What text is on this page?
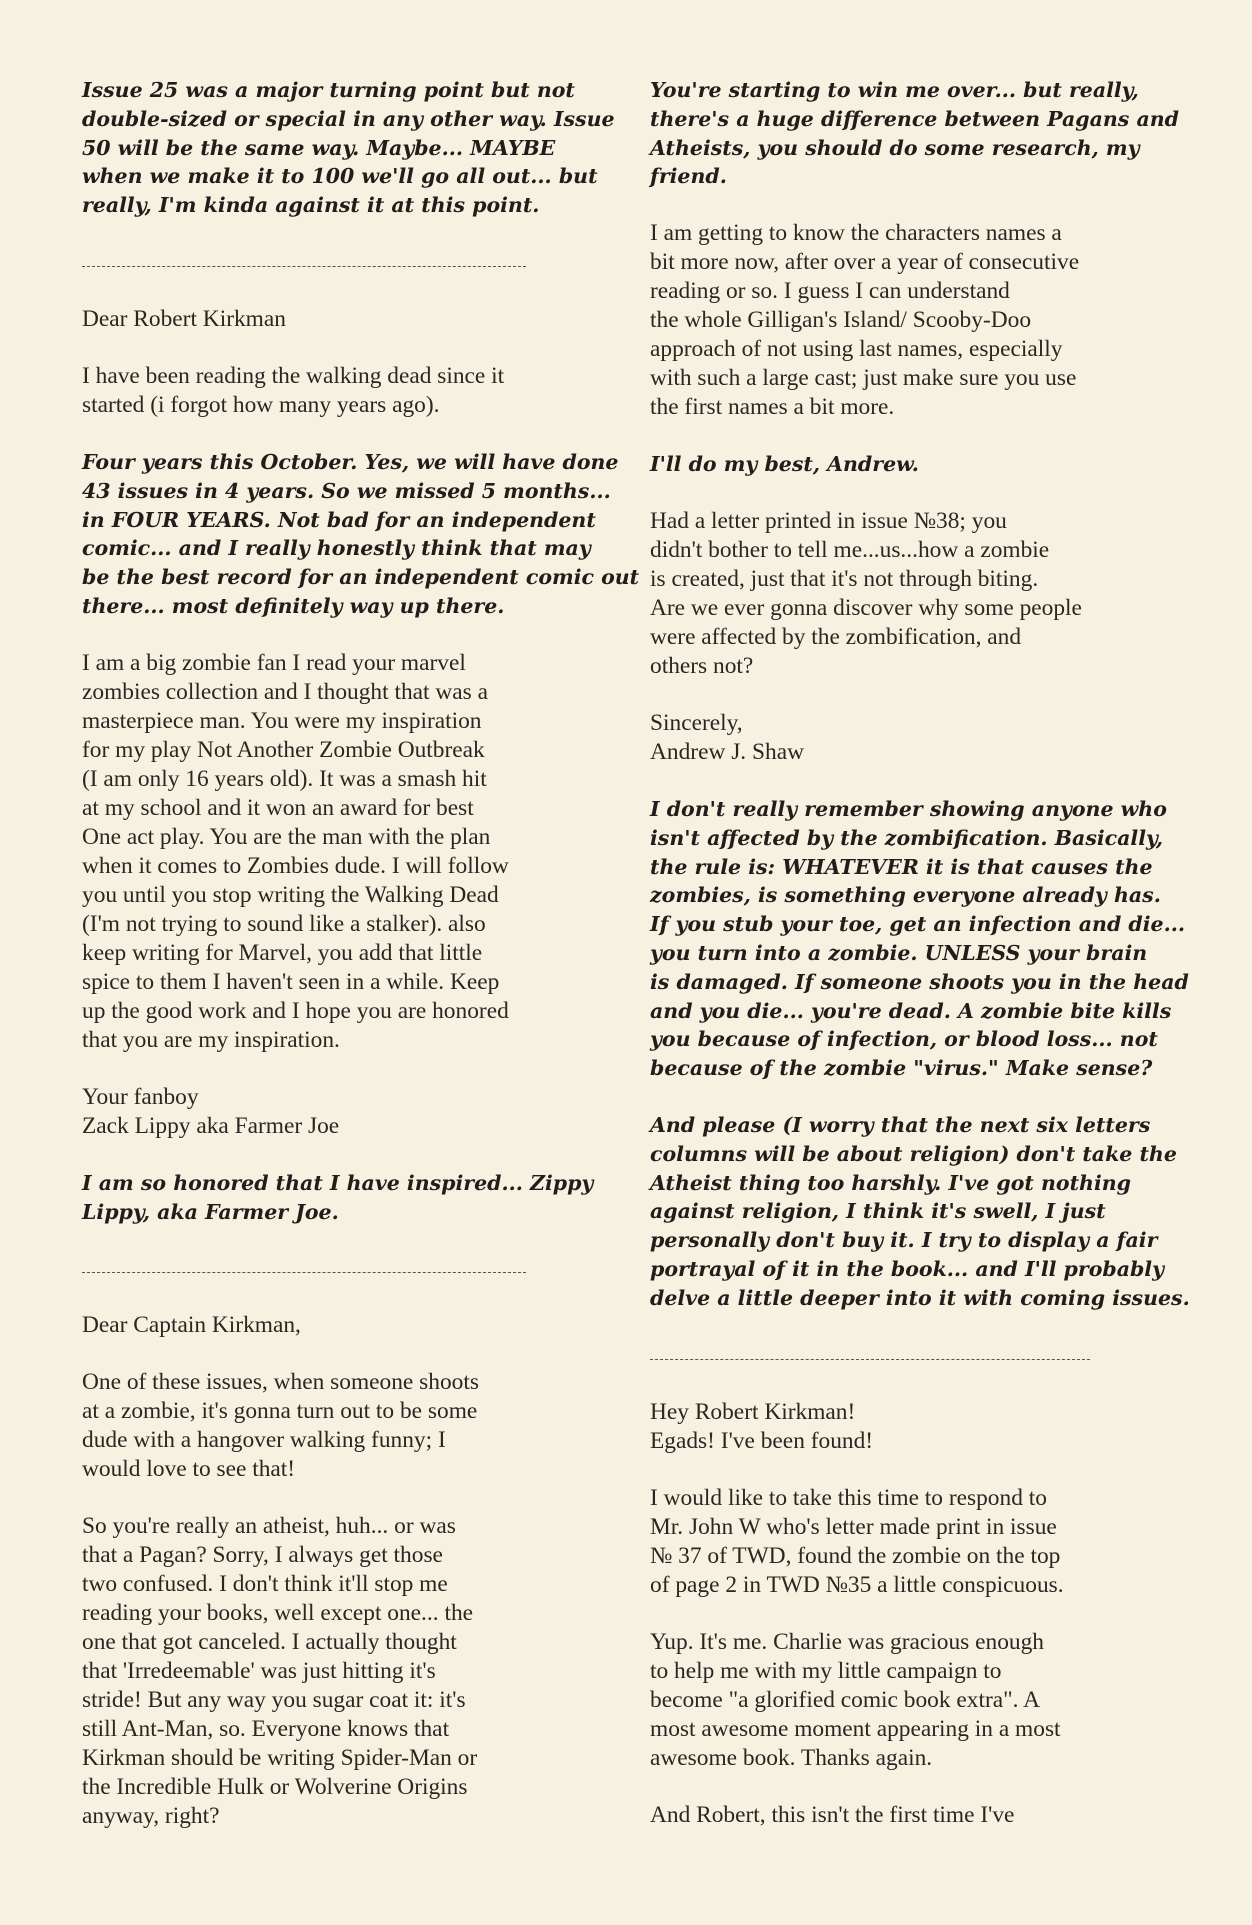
Issue 25 was a major turning point but not
double-sized or special in any other way. Issue
50 will be the same way. Maybe... MAYBE
when we make it to 100 we'll go all out... but
really, I'm kinda against it at this point.
Dear Robert Kirkman
I have been reading the walking dead since it
started (i forgot how many years ago).
Four years this October. Yes, we will have done
43 issues in 4 years. So we missed 5 months...
in FOUR YEARS. Not bad for an independent
comic... and I really honestly think that may
be the best record for an independent comic out
there... most definitely way up there.
I am a big zombie fan I read your marvel
zombies collection and I thought that was a
masterpiece man. You were my inspiration
for my play Not Another Zombie Outbreak
(I am only 16 years old). It was a smash hit
at my school and it won an award for best
One act play. You are the man with the plan
when it comes to Zombies dude. I will follow
you until you stop writing the Walking Dead
(I'm not trying to sound like a stalker). also
keep writing for Marvel, you add that little
spice to them I haven't seen in a while. Keep
up the good work and I hope you are honored
that you are my inspiration.
Your fanboy
Zack Lippy aka Farmer Joe
I am so honored that I have inspired... Zippy
Lippy, aka Farmer Joe.
Dear Captain Kirkman,
One of these issues, when someone shoots
at a zombie, it's gonna turn out to be some
dude with a hangover walking funny; I
would love to see that!
So you're really an atheist, huh... or was
that a Pagan? Sorry, I always get those
two confused. I don't think it'll stop me
reading your books, well except one... the
one that got canceled. I actually thought
that 'Irredeemable' was just hitting it's
stride! But any way you sugar coat it: it's
still Ant-Man, so. Everyone knows that
Kirkman should be writing Spider-Man or
the Incredible Hulk or Wolverine Origins
anyway, right?
You're starting to win me over... but really,
there's a huge difference between Pagans and
Atheists, you should do some research, my
friend.
I am getting to know the characters names a
bit more now, after over a year of consecutive
reading or so. I guess I can understand
the whole Gilligan's Island/ Scooby-Doo
approach of not using last names, especially
with such a large cast; just make sure you use
the first names a bit more.
I'll do my best, Andrew.
Had a letter printed in issue №38; you
didn't bother to tell me...us...how a zombie
is created, just that it's not through biting.
Are we ever gonna discover why some people
were affected by the zombification, and
others not?
Sincerely,
Andrew J. Shaw
I don't really remember showing anyone who
isn't affected by the zombification. Basically,
the rule is: WHATEVER it is that causes the
zombies, is something everyone already has.
If you stub your toe, get an infection and die...
you turn into a zombie. UNLESS your brain
is damaged. If someone shoots you in the head
and you die... you're dead. A zombie bite kills
you because of infection, or blood loss... not
because of the zombie "virus." Make sense?
And please (I worry that the next six letters
columns will be about religion) don't take the
Atheist thing too harshly. I've got nothing
against religion, I think it's swell, I just
personally don't buy it. I try to display a fair
portrayal of it in the book... and I'll probably
delve a little deeper into it with coming issues.
Hey Robert Kirkman!
Egads! I've been found!
I would like to take this time to respond to
Mr. John W who's letter made print in issue
№ 37 of TWD, found the zombie on the top
of page 2 in TWD №35 a little conspicuous.
Yup. It's me. Charlie was gracious enough
to help me with my little campaign to
become "a glorified comic book extra". A
most awesome moment appearing in a most
awesome book. Thanks again.
And Robert, this isn't the first time I've
